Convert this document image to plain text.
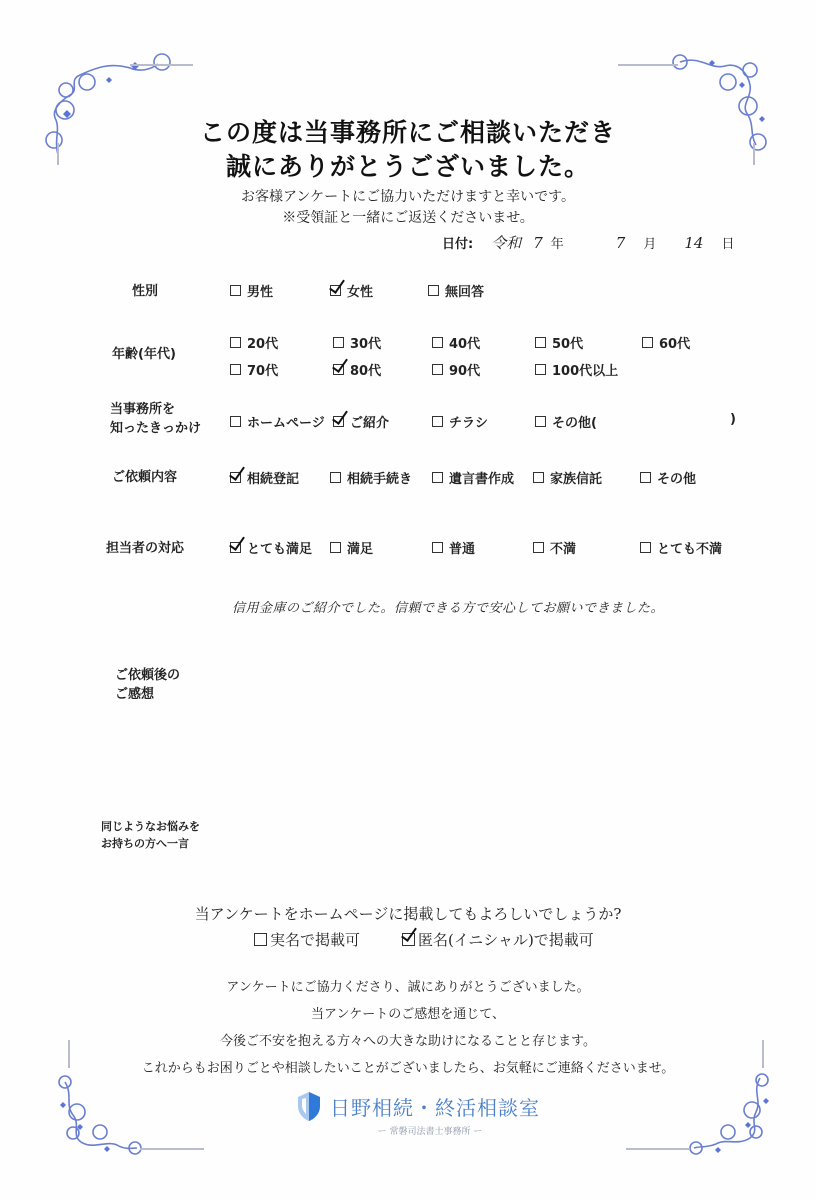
この度は当事務所にご相談いただき
誠にありがとうございました。
お客様アンケートにご協力いただけますと幸いです。
※受領証と一緒にご返送くださいませ。
日付: 令和 7 年	7 月 14 日
性別	男性	女性	無回答
年齢(年代)
20代	30代	40代	50代	60代
70代	80代	90代	100代以上
当事務所を
知ったきっかけ	ホームページ ご紹介	チラシ	その他(	)
ご依頼内容	相続登記	相続手続き	遺言書作成	家族信託	その他
担当者の対応	とても満足	満足	普通	不満	とても不満
信用金庫のご紹介でした。信頼できる方で安心してお願いできました。
ご依頼後の
ご感想
同じようなお悩みを
お持ちの方へ一言
当アンケートをホームページに掲載してもよろしいでしょうか?
実名で掲載可	匿名(イニシャル)で掲載可
アンケートにご協力くださり、誠にありがとうございました。
当アンケートのご感想を通じて、
今後ご不安を抱える方々への大きな助けになることと存じます。
これからもお困りごとや相談したいことがございましたら、お気軽にご連絡くださいませ。
日野相続・終活相談室
ー 常磐司法書士事務所 ー
